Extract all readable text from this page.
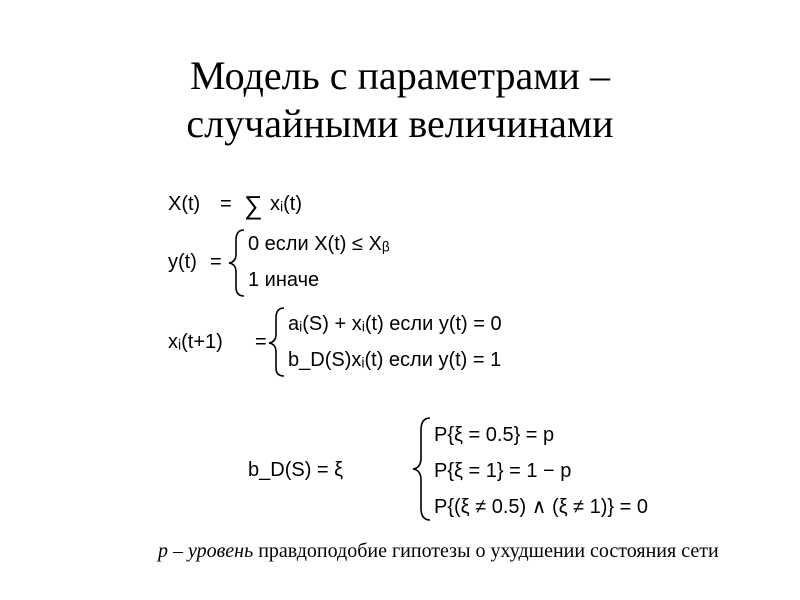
Модель с параметрами –
случайными величинами
X(t) = ∑ xᵢ(t)
y(t) =
0 если X(t) ≤ Xᵦ
1 иначе
xᵢ(t+1) =
aᵢ(S) + xᵢ(t) если y(t) = 0
b_D(S)xᵢ(t) если y(t) = 1
b_D(S) = ξ
P{ξ = 0.5} = p
P{ξ = 1} = 1 − p
P{(ξ ≠ 0.5) ∧ (ξ ≠ 1)} = 0
p – уровень правдоподобие гипотезы о ухудшении состояния сети
